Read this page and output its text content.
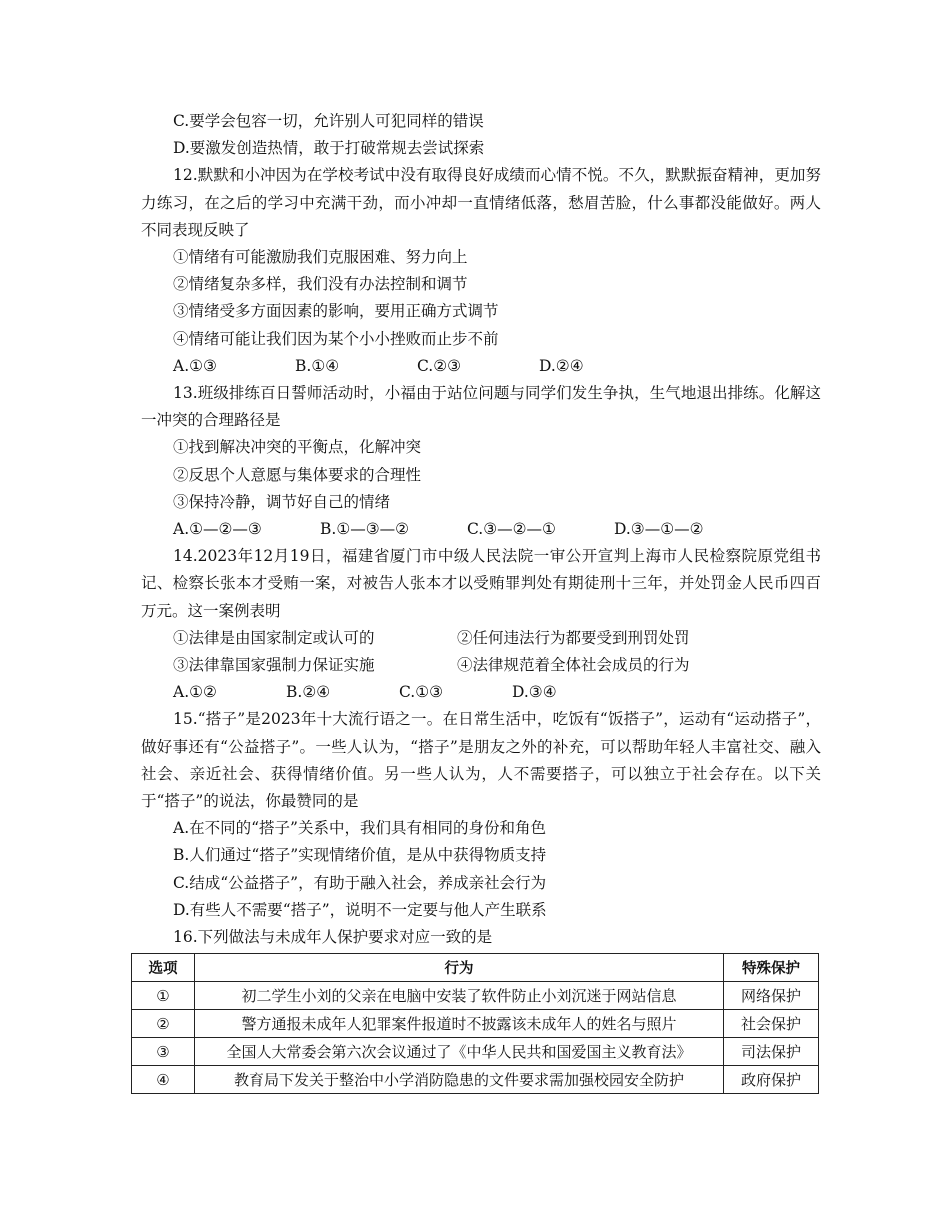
C.要学会包容一切，允许别人可犯同样的错误
D.要激发创造热情，敢于打破常规去尝试探索
12.默默和小冲因为在学校考试中没有取得良好成绩而心情不悦。不久，默默振奋精神，更加努力练习，在之后的学习中充满干劲，而小冲却一直情绪低落，愁眉苦脸，什么事都没能做好。两人不同表现反映了
①情绪有可能激励我们克服困难、努力向上
②情绪复杂多样，我们没有办法控制和调节
③情绪受多方面因素的影响，要用正确方式调节
④情绪可能让我们因为某个小小挫败而止步不前
A.①③	B.①④	C.②③	D.②④
13.班级排练百日誓师活动时，小福由于站位问题与同学们发生争执，生气地退出排练。化解这一冲突的合理路径是
①找到解决冲突的平衡点，化解冲突
②反思个人意愿与集体要求的合理性
③保持冷静，调节好自己的情绪
A.①—②—③	B.①—③—②	C.③—②—①	D.③—①—②
14.2023年12月19日，福建省厦门市中级人民法院一审公开宣判上海市人民检察院原党组书记、检察长张本才受贿一案，对被告人张本才以受贿罪判处有期徒刑十三年，并处罚金人民币四百万元。这一案例表明
①法律是由国家制定或认可的	②任何违法行为都要受到刑罚处罚
③法律靠国家强制力保证实施	④法律规范着全体社会成员的行为
A.①②	B.②④	C.①③	D.③④
15.“搭子”是2023年十大流行语之一。在日常生活中，吃饭有“饭搭子”，运动有“运动搭子”，做好事还有“公益搭子”。一些人认为，“搭子”是朋友之外的补充，可以帮助年轻人丰富社交、融入社会、亲近社会、获得情绪价值。另一些人认为，人不需要搭子，可以独立于社会存在。以下关于“搭子”的说法，你最赞同的是
A.在不同的“搭子”关系中，我们具有相同的身份和角色
B.人们通过“搭子”实现情绪价值，是从中获得物质支持
C.结成“公益搭子”，有助于融入社会，养成亲社会行为
D.有些人不需要“搭子”，说明不一定要与他人产生联系
16.下列做法与未成年人保护要求对应一致的是
选项	行为	特殊保护
①	初二学生小刘的父亲在电脑中安装了软件防止小刘沉迷于网站信息	网络保护
②	警方通报未成年人犯罪案件报道时不披露该未成年人的姓名与照片	社会保护
③	全国人大常委会第六次会议通过了《中华人民共和国爱国主义教育法》	司法保护
④	教育局下发关于整治中小学消防隐患的文件要求需加强校园安全防护	政府保护
